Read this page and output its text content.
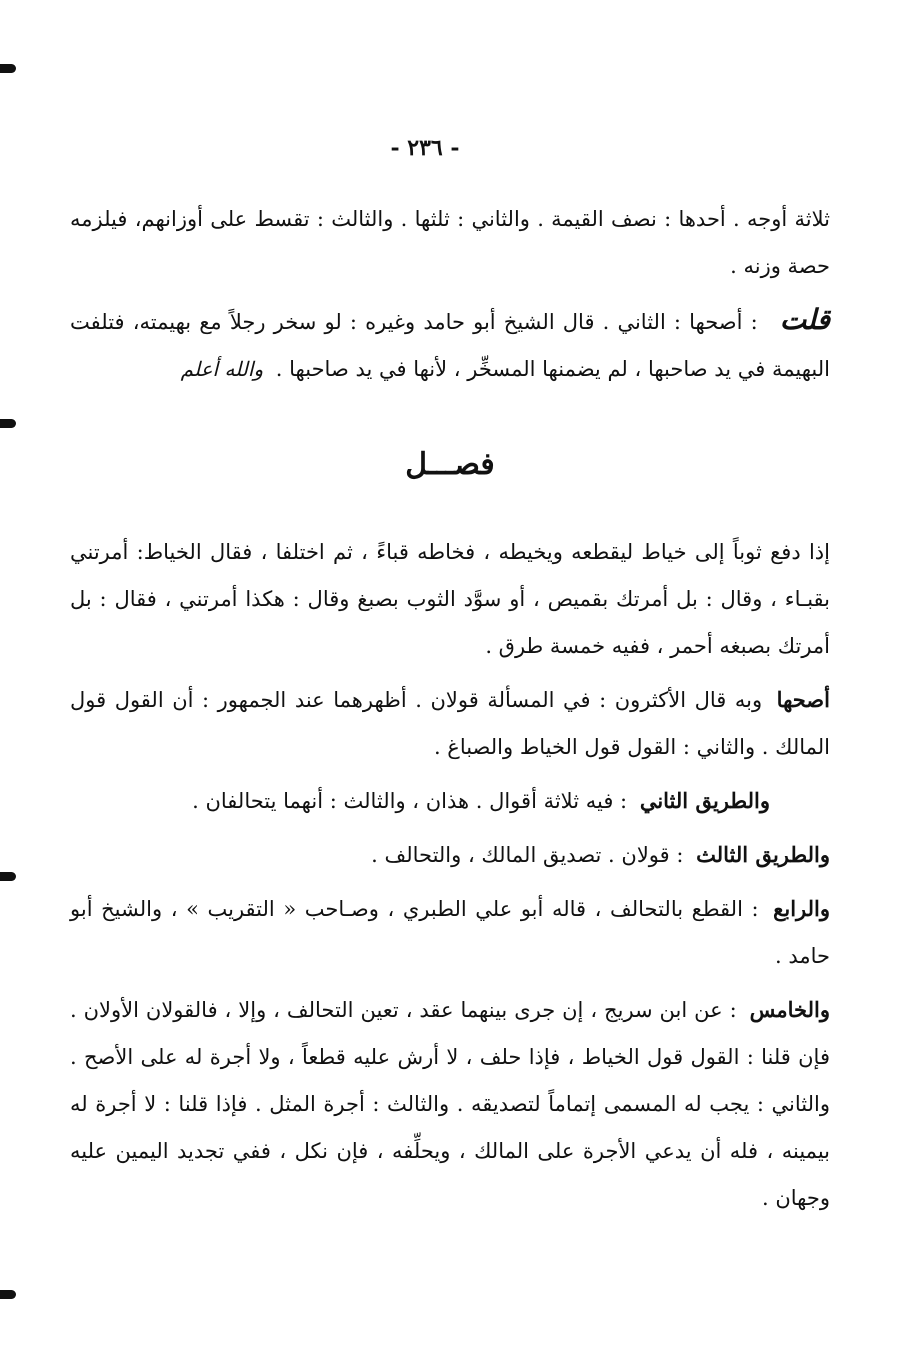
- ٢٣٦ -

ثلاثة أوجه . أحدها : نصف القيمة . والثاني : ثلثها . والثالث : تقسط على أوزانهم، فيلزمه حصة وزنه .

قلت : أصحها : الثاني . قال الشيخ أبو حامد وغيره : لو سخر رجلاً مع بهيمته، فتلفت البهيمة في يد صاحبها ، لم يضمنها المسخِّر ، لأنها في يد صاحبها . والله أعلم

فصـــل

إذا دفع ثوباً إلى خياط ليقطعه ويخيطه ، فخاطه قباءً ، ثم اختلفا ، فقال الخياط: أمرتني بقبـاء ، وقال : بل أمرتك بقميص ، أو سوَّد الثوب بصبغ وقال : هكذا أمرتني ، فقال : بل أمرتك بصبغه أحمر ، ففيه خمسة طرق .

أصحها وبه قال الأكثرون : في المسألة قولان . أظهرهما عند الجمهور : أن القول قول المالك . والثاني : القول قول الخياط والصباغ .

والطريق الثاني : فيه ثلاثة أقوال . هذان ، والثالث : أنهما يتحالفان .

والطريق الثالث : قولان . تصديق المالك ، والتحالف .

والرابع : القطع بالتحالف ، قاله أبو علي الطبري ، وصـاحب « التقريب » ، والشيخ أبو حامد .

والخامس : عن ابن سريج ، إن جرى بينهما عقد ، تعين التحالف ، وإلا ، فالقولان الأولان . فإن قلنا : القول قول الخياط ، فإذا حلف ، لا أرش عليه قطعاً ، ولا أجرة له على الأصح . والثاني : يجب له المسمى إتماماً لتصديقه . والثالث : أجرة المثل . فإذا قلنا : لا أجرة له بيمينه ، فله أن يدعي الأجرة على المالك ، ويحلِّفه ، فإن نكل ، ففي تجديد اليمين عليه وجهان .
